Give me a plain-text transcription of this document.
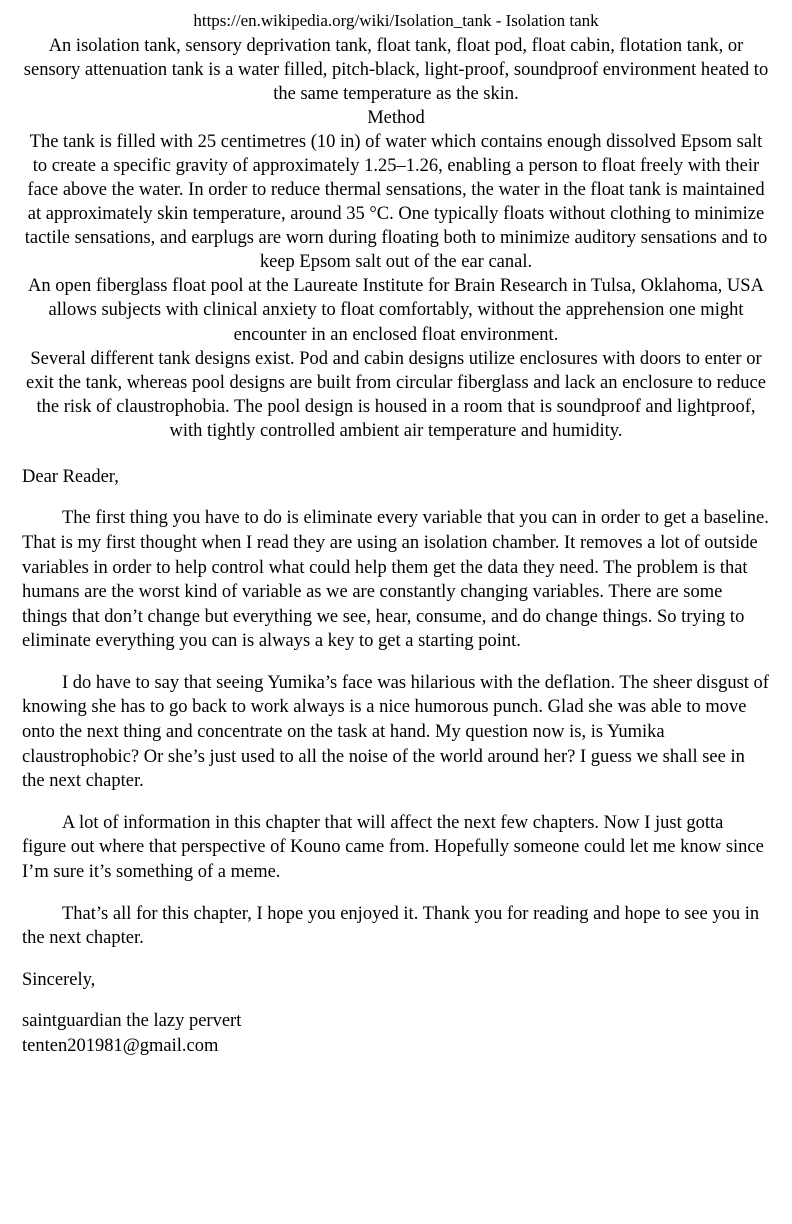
https://en.wikipedia.org/wiki/Isolation_tank - Isolation tank

An isolation tank, sensory deprivation tank, float tank, float pod, float cabin, flotation tank, or sensory attenuation tank is a water filled, pitch-black, light-proof, soundproof environment heated to the same temperature as the skin.

Method

The tank is filled with 25 centimetres (10 in) of water which contains enough dissolved Epsom salt to create a specific gravity of approximately 1.25–1.26, enabling a person to float freely with their face above the water. In order to reduce thermal sensations, the water in the float tank is maintained at approximately skin temperature, around 35 °C. One typically floats without clothing to minimize tactile sensations, and earplugs are worn during floating both to minimize auditory sensations and to keep Epsom salt out of the ear canal.

An open fiberglass float pool at the Laureate Institute for Brain Research in Tulsa, Oklahoma, USA allows subjects with clinical anxiety to float comfortably, without the apprehension one might encounter in an enclosed float environment.

Several different tank designs exist. Pod and cabin designs utilize enclosures with doors to enter or exit the tank, whereas pool designs are built from circular fiberglass and lack an enclosure to reduce the risk of claustrophobia. The pool design is housed in a room that is soundproof and lightproof, with tightly controlled ambient air temperature and humidity.

Dear Reader,

The first thing you have to do is eliminate every variable that you can in order to get a baseline. That is my first thought when I read they are using an isolation chamber. It removes a lot of outside variables in order to help control what could help them get the data they need. The problem is that humans are the worst kind of variable as we are constantly changing variables. There are some things that don’t change but everything we see, hear, consume, and do change things. So trying to eliminate everything you can is always a key to get a starting point.

I do have to say that seeing Yumika’s face was hilarious with the deflation. The sheer disgust of knowing she has to go back to work always is a nice humorous punch. Glad she was able to move onto the next thing and concentrate on the task at hand. My question now is, is Yumika claustrophobic? Or she’s just used to all the noise of the world around her? I guess we shall see in the next chapter.

A lot of information in this chapter that will affect the next few chapters. Now I just gotta figure out where that perspective of Kouno came from. Hopefully someone could let me know since I’m sure it’s something of a meme.

That’s all for this chapter, I hope you enjoyed it. Thank you for reading and hope to see you in the next chapter.

Sincerely,

saintguardian the lazy pervert
tenten201981@gmail.com
